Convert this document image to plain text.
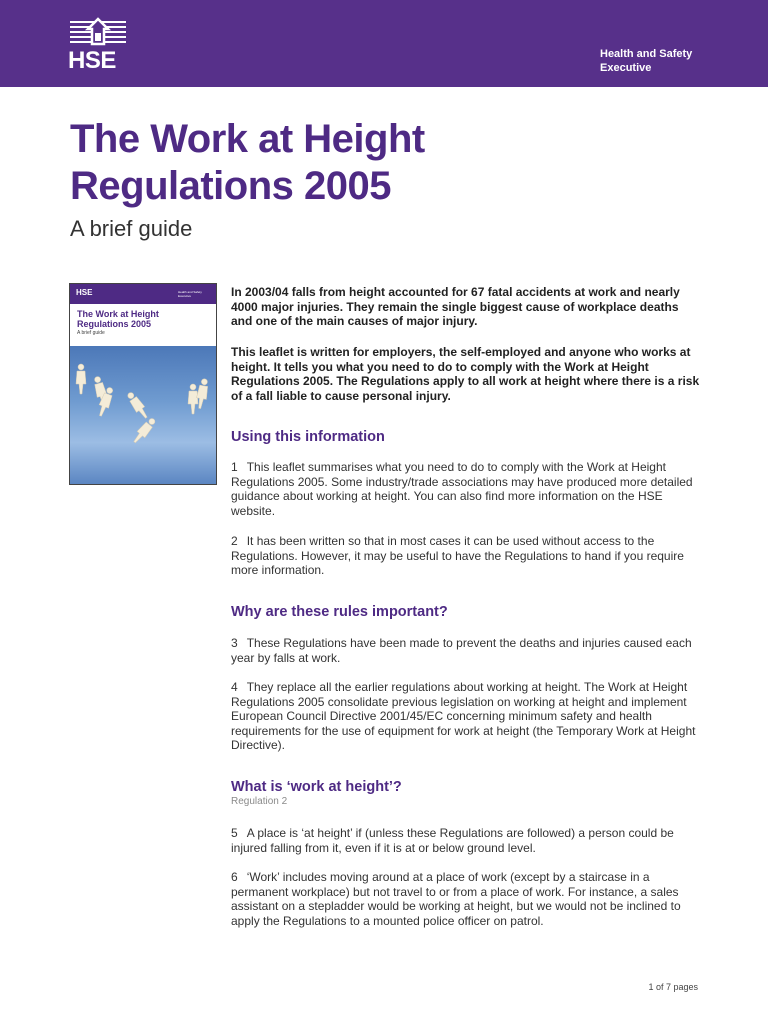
HSE	Health and Safety
Executive
The Work at Height
Regulations 2005
A brief guide
HSE	Health and Safety Executive
The Work at Height
Regulations 2005
A brief guide

In 2003/04 falls from height accounted for 67 fatal accidents at work and nearly 4000 major injuries. They remain the single biggest cause of workplace deaths and one of the main causes of major injury.

This leaflet is written for employers, the self-employed and anyone who works at height. It tells you what you need to do to comply with the Work at Height Regulations 2005. The Regulations apply to all work at height where there is a risk of a fall liable to cause personal injury.

Using this information

1 This leaflet summarises what you need to do to comply with the Work at Height Regulations 2005. Some industry/trade associations may have produced more detailed guidance about working at height. You can also find more information on the HSE website.

2 It has been written so that in most cases it can be used without access to the Regulations. However, it may be useful to have the Regulations to hand if you require more information.

Why are these rules important?

3 These Regulations have been made to prevent the deaths and injuries caused each year by falls at work.

4 They replace all the earlier regulations about working at height. The Work at Height Regulations 2005 consolidate previous legislation on working at height and implement European Council Directive 2001/45/EC concerning minimum safety and health requirements for the use of equipment for work at height (the Temporary Work at Height Directive).

What is ‘work at height’?

Regulation 2

5 A place is ‘at height’ if (unless these Regulations are followed) a person could be injured falling from it, even if it is at or below ground level.

6 ‘Work’ includes moving around at a place of work (except by a staircase in a permanent workplace) but not travel to or from a place of work. For instance, a sales assistant on a stepladder would be working at height, but we would not be inclined to apply the Regulations to a mounted police officer on patrol.

1 of 7 pages
